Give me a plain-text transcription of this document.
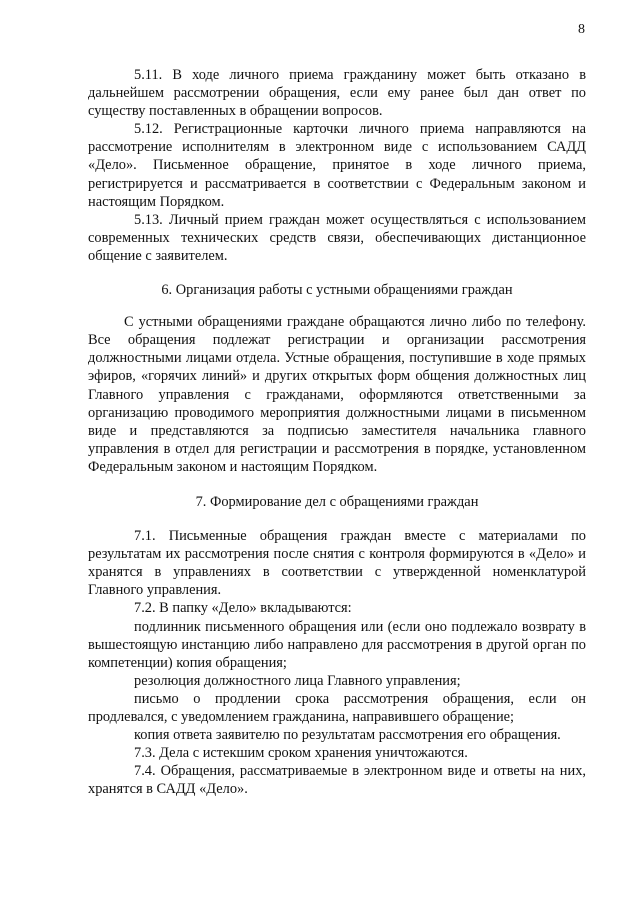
8

5.11. В ходе личного приема гражданину может быть отказано в дальнейшем рассмотрении обращения, если ему ранее был дан ответ по существу поставленных в обращении вопросов.

5.12. Регистрационные карточки личного приема направляются на рассмотрение исполнителям в электронном виде с использованием САДД «Дело». Письменное обращение, принятое в ходе личного приема, регистрируется и рассматривается в соответствии с Федеральным законом и настоящим Порядком.

5.13. Личный прием граждан может осуществляться с использованием современных технических средств связи, обеспечивающих дистанционное общение с заявителем.

6. Организация работы с устными обращениями граждан

С устными обращениями граждане обращаются лично либо по телефону. Все обращения подлежат регистрации и организации рассмотрения должностными лицами отдела. Устные обращения, поступившие в ходе прямых эфиров, «горячих линий» и других открытых форм общения должностных лиц Главного управления с гражданами, оформляются ответственными за организацию проводимого мероприятия должностными лицами в письменном виде и представляются за подписью заместителя начальника главного управления в отдел для регистрации и рассмотрения в порядке, установленном Федеральным законом и настоящим Порядком.

7. Формирование дел с обращениями граждан

7.1. Письменные обращения граждан вместе с материалами по результатам их рассмотрения после снятия с контроля формируются в «Дело» и хранятся в управлениях в соответствии с утвержденной номенклатурой Главного управления.

7.2. В папку «Дело» вкладываются:

подлинник письменного обращения или (если оно подлежало возврату в вышестоящую инстанцию либо направлено для рассмотрения в другой орган по компетенции) копия обращения;

резолюция должностного лица Главного управления;

письмо о продлении срока рассмотрения обращения, если он продлевался, с уведомлением гражданина, направившего обращение;

копия ответа заявителю по результатам рассмотрения его обращения.

7.3. Дела с истекшим сроком хранения уничтожаются.

7.4. Обращения, рассматриваемые в электронном виде и ответы на них, хранятся в САДД «Дело».
